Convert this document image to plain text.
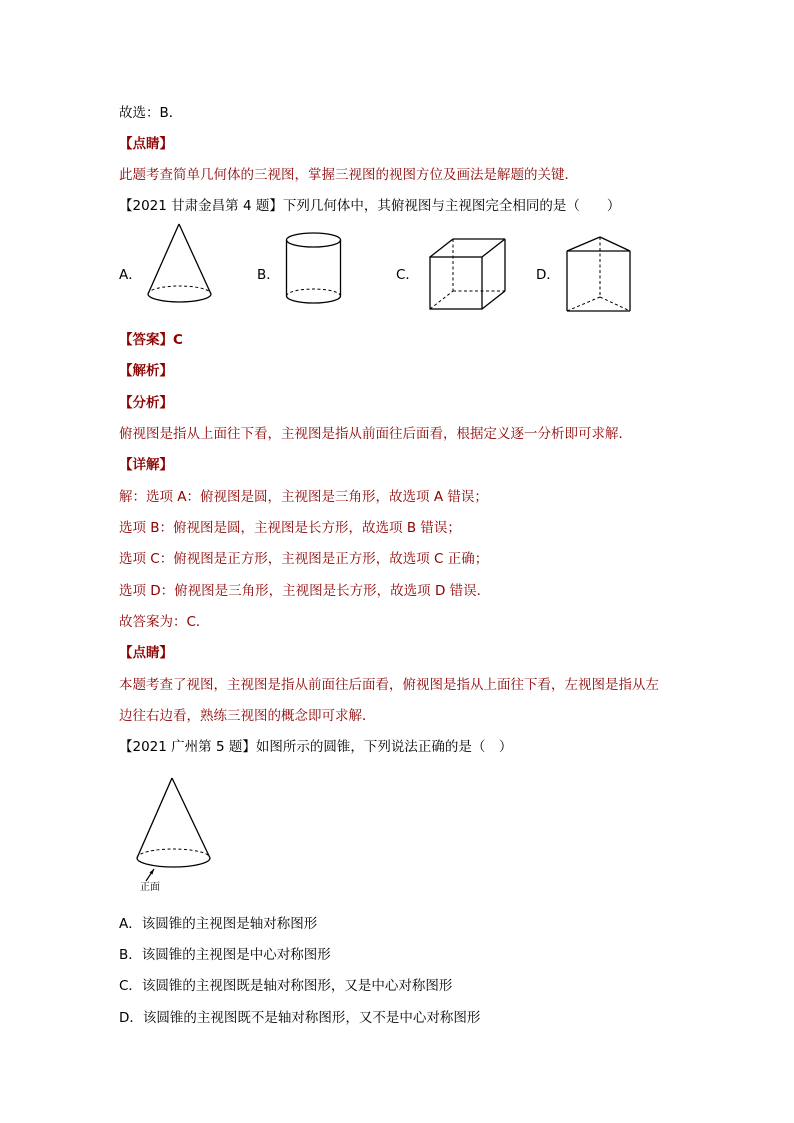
故选：B．
【点睛】
此题考查简单几何体的三视图，掌握三视图的视图方位及画法是解题的关键．
【2021 甘肃金昌第 4 题】下列几何体中，其俯视图与主视图完全相同的是（　　）
A．	B．	C．	D．
【答案】C
【解析】
【分析】
俯视图是指从上面往下看，主视图是指从前面往后面看，根据定义逐一分析即可求解．
【详解】
解：选项 A：俯视图是圆，主视图是三角形，故选项 A 错误；
选项 B：俯视图是圆，主视图是长方形，故选项 B 错误；
选项 C：俯视图是正方形，主视图是正方形，故选项 C 正确；
选项 D：俯视图是三角形，主视图是长方形，故选项 D 错误．
故答案为：C．
【点睛】
本题考查了视图，主视图是指从前面往后面看，俯视图是指从上面往下看，左视图是指从左
边往右边看，熟练三视图的概念即可求解．
【2021 广州第 5 题】如图所示的圆锥，下列说法正确的是（　）
正面
A．该圆锥的主视图是轴对称图形
B．该圆锥的主视图是中心对称图形
C．该圆锥的主视图既是轴对称图形，又是中心对称图形
D．该圆锥的主视图既不是轴对称图形，又不是中心对称图形
